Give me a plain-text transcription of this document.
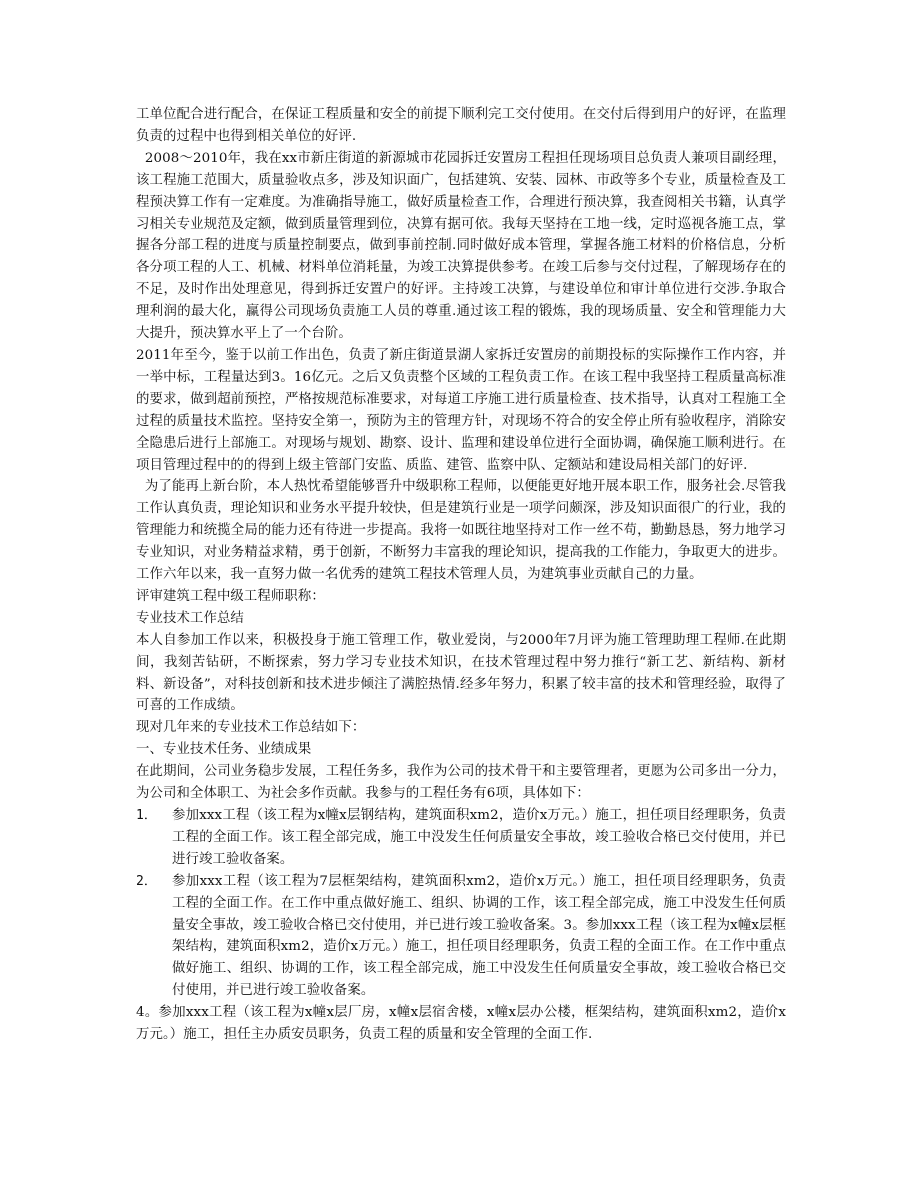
工单位配合进行配合，在保证工程质量和安全的前提下顺利完工交付使用。在交付后得到用户的好评，在监理负责的过程中也得到相关单位的好评.

2008～2010年，我在xx市新庄街道的新源城市花园拆迁安置房工程担任现场项目总负责人兼项目副经理，该工程施工范围大，质量验收点多，涉及知识面广，包括建筑、安装、园林、市政等多个专业，质量检查及工程预决算工作有一定难度。为准确指导施工，做好质量检查工作，合理进行预决算，我查阅相关书籍，认真学习相关专业规范及定额，做到质量管理到位，决算有据可依。我每天坚持在工地一线，定时巡视各施工点，掌握各分部工程的进度与质量控制要点，做到事前控制.同时做好成本管理，掌握各施工材料的价格信息，分析各分项工程的人工、机械、材料单位消耗量，为竣工决算提供参考。在竣工后参与交付过程，了解现场存在的不足，及时作出处理意见，得到拆迁安置户的好评。主持竣工决算，与建设单位和审计单位进行交涉.争取合理利润的最大化，赢得公司现场负责施工人员的尊重.通过该工程的锻炼，我的现场质量、安全和管理能力大大提升，预决算水平上了一个台阶。

2011年至今，鉴于以前工作出色，负责了新庄街道景湖人家拆迁安置房的前期投标的实际操作工作内容，并一举中标，工程量达到3。16亿元。之后又负责整个区域的工程负责工作。在该工程中我坚持工程质量高标准的要求，做到超前预控，严格按规范标准要求，对每道工序施工进行质量检查、技术指导，认真对工程施工全过程的质量技术监控。坚持安全第一，预防为主的管理方针，对现场不符合的安全停止所有验收程序，消除安全隐患后进行上部施工。对现场与规划、勘察、设计、监理和建设单位进行全面协调，确保施工顺利进行。在项目管理过程中的的得到上级主管部门安监、质监、建管、监察中队、定额站和建设局相关部门的好评.

为了能再上新台阶，本人热忱希望能够晋升中级职称工程师，以便能更好地开展本职工作，服务社会.尽管我工作认真负责，理论知识和业务水平提升较快，但是建筑行业是一项学问颇深，涉及知识面很广的行业，我的管理能力和统揽全局的能力还有待进一步提高。我将一如既往地坚持对工作一丝不苟，勤勤恳恳，努力地学习专业知识，对业务精益求精，勇于创新，不断努力丰富我的理论知识，提高我的工作能力，争取更大的进步。工作六年以来，我一直努力做一名优秀的建筑工程技术管理人员，为建筑事业贡献自己的力量。

评审建筑工程中级工程师职称：

专业技术工作总结

本人自参加工作以来，积极投身于施工管理工作，敬业爱岗，与2000年7月评为施工管理助理工程师.在此期间，我刻苦钻研，不断探索，努力学习专业技术知识，在技术管理过程中努力推行“新工艺、新结构、新材料、新设备”，对科技创新和技术进步倾注了满腔热情.经多年努力，积累了较丰富的技术和管理经验，取得了可喜的工作成绩。

现对几年来的专业技术工作总结如下：

一、专业技术任务、业绩成果

在此期间，公司业务稳步发展，工程任务多，我作为公司的技术骨干和主要管理者，更愿为公司多出一分力，为公司和全体职工、为社会多作贡献。我参与的工程任务有6项，具体如下：

1．	参加xxx工程（该工程为x幢x层钢结构，建筑面积xm2，造价x万元。）施工，担任项目经理职务，负责工程的全面工作。该工程全部完成，施工中没发生任何质量安全事故，竣工验收合格已交付使用，并已进行竣工验收备案。
2．	参加xxx工程（该工程为7层框架结构，建筑面积xm2，造价x万元。）施工，担任项目经理职务，负责工程的全面工作。在工作中重点做好施工、组织、协调的工作，该工程全部完成，施工中没发生任何质量安全事故，竣工验收合格已交付使用，并已进行竣工验收备案。3。参加xxx工程（该工程为x幢x层框架结构，建筑面积xm2，造价x万元。）施工，担任项目经理职务，负责工程的全面工作。在工作中重点做好施工、组织、协调的工作，该工程全部完成，施工中没发生任何质量安全事故，竣工验收合格已交付使用，并已进行竣工验收备案。

4。参加xxx工程（该工程为x幢x层厂房，x幢x层宿舍楼，x幢x层办公楼，框架结构，建筑面积xm2，造价x万元。）施工，担任主办质安员职务，负责工程的质量和安全管理的全面工作.
